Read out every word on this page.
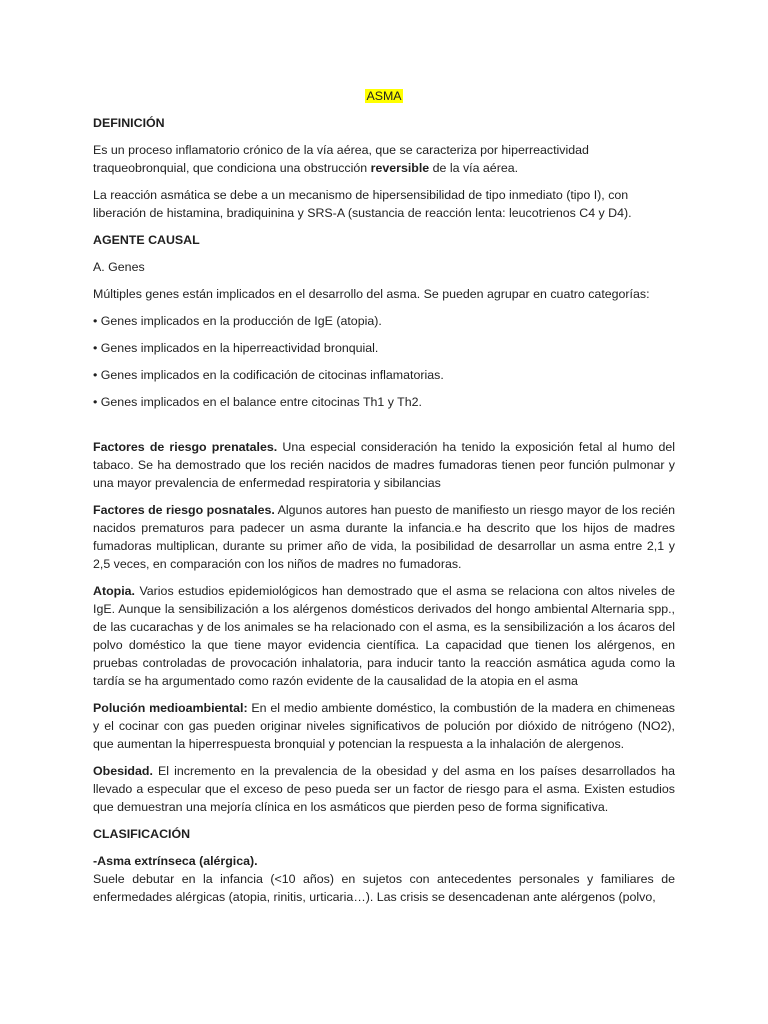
ASMA

DEFINICIÓN

Es un proceso inflamatorio crónico de la vía aérea, que se caracteriza por hiperreactividad traqueobronquial, que condiciona una obstrucción reversible de la vía aérea.

La reacción asmática se debe a un mecanismo de hipersensibilidad de tipo inmediato (tipo I), con liberación de histamina, bradiquinina y SRS-A (sustancia de reacción lenta: leucotrienos C4 y D4).

AGENTE CAUSAL

A. Genes

Múltiples genes están implicados en el desarrollo del asma. Se pueden agrupar en cuatro categorías:

• Genes implicados en la producción de IgE (atopia).

• Genes implicados en la hiperreactividad bronquial.

• Genes implicados en la codificación de citocinas inflamatorias.

• Genes implicados en el balance entre citocinas Th1 y Th2.

Factores de riesgo prenatales. Una especial consideración ha tenido la exposición fetal al humo del tabaco. Se ha demostrado que los recién nacidos de madres fumadoras tienen peor función pulmonar y una mayor prevalencia de enfermedad respiratoria y sibilancias

Factores de riesgo posnatales. Algunos autores han puesto de manifiesto un riesgo mayor de los recién nacidos prematuros para padecer un asma durante la infancia.e ha descrito que los hijos de madres fumadoras multiplican, durante su primer año de vida, la posibilidad de desarrollar un asma entre 2,1 y 2,5 veces, en comparación con los niños de madres no fumadoras.

Atopia. Varios estudios epidemiológicos han demostrado que el asma se relaciona con altos niveles de IgE. Aunque la sensibilización a los alérgenos domésticos derivados del hongo ambiental Alternaria spp., de las cucarachas y de los animales se ha relacionado con el asma, es la sensibilización a los ácaros del polvo doméstico la que tiene mayor evidencia científica. La capacidad que tienen los alérgenos, en pruebas controladas de provocación inhalatoria, para inducir tanto la reacción asmática aguda como la tardía se ha argumentado como razón evidente de la causalidad de la atopia en el asma

Polución medioambiental: En el medio ambiente doméstico, la combustión de la madera en chimeneas y el cocinar con gas pueden originar niveles significativos de polución por dióxido de nitrógeno (NO2), que aumentan la hiperrespuesta bronquial y potencian la respuesta a la inhalación de alergenos.

Obesidad. El incremento en la prevalencia de la obesidad y del asma en los países desarrollados ha llevado a especular que el exceso de peso pueda ser un factor de riesgo para el asma. Existen estudios que demuestran una mejoría clínica en los asmáticos que pierden peso de forma significativa.

CLASIFICACIÓN

-Asma extrínseca (alérgica).

Suele debutar en la infancia (<10 años) en sujetos con antecedentes personales y familiares de enfermedades alérgicas (atopia, rinitis, urticaria…). Las crisis se desencadenan ante alérgenos (polvo,
